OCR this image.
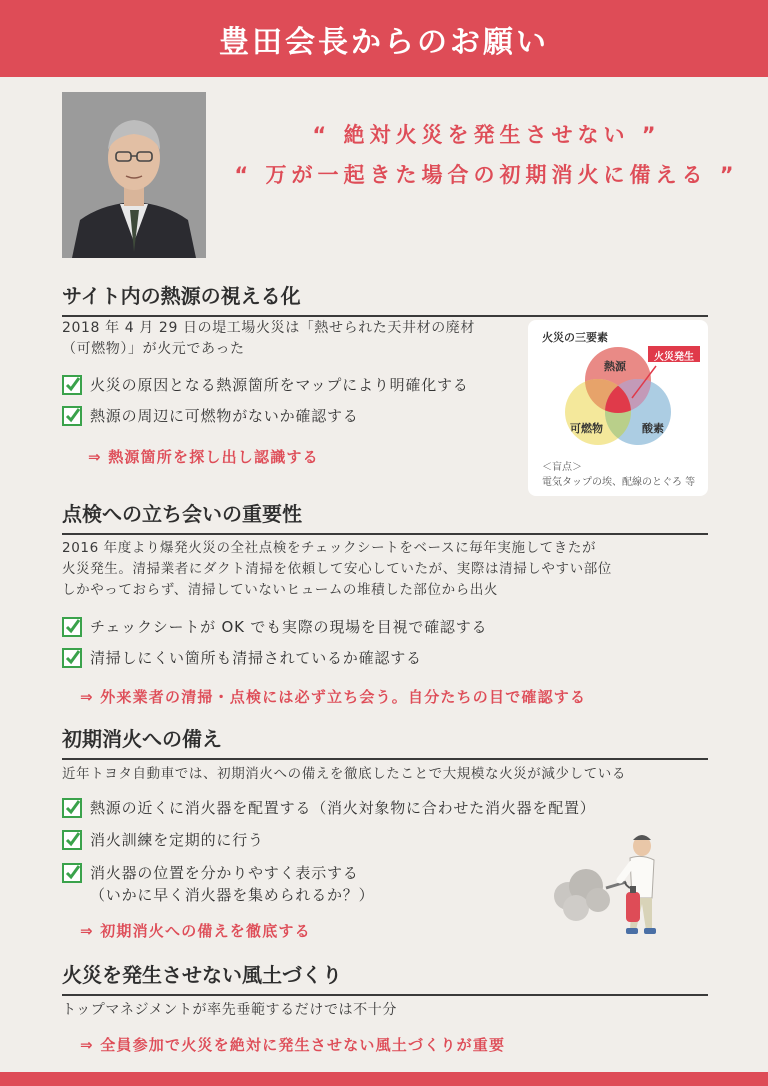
豊田会長からのお願い
“ 絶対火災を発生させない ”
“ 万が一起きた場合の初期消火に備える ”
サイト内の熱源の視える化
2018 年 4 月 29 日の堤工場火災は「熱せられた天井材の廃材
（可燃物）」が火元であった
火災の原因となる熱源箇所をマップにより明確化する
熱源の周辺に可燃物がないか確認する
⇒ 熱源箇所を探し出し認識する
火災の三要素
火災発生
熱源
可燃物	酸素
＜盲点＞
電気タップの埃、配線のとぐろ 等
点検への立ち会いの重要性
2016 年度より爆発火災の全社点検をチェックシートをベースに毎年実施してきたが
火災発生。清掃業者にダクト清掃を依頼して安心していたが、実際は清掃しやすい部位
しかやっておらず、清掃していないヒュームの堆積した部位から出火
チェックシートが OK でも実際の現場を目視で確認する
清掃しにくい箇所も清掃されているか確認する
⇒ 外来業者の清掃・点検には必ず立ち会う。自分たちの目で確認する
初期消火への備え
近年トヨタ自動車では、初期消火への備えを徹底したことで大規模な火災が減少している
熱源の近くに消火器を配置する（消火対象物に合わせた消火器を配置）
消火訓練を定期的に行う
消火器の位置を分かりやすく表示する
（いかに早く消火器を集められるか？）
⇒ 初期消火への備えを徹底する
火災を発生させない風土づくり
トップマネジメントが率先垂範するだけでは不十分
⇒ 全員参加で火災を絶対に発生させない風土づくりが重要
